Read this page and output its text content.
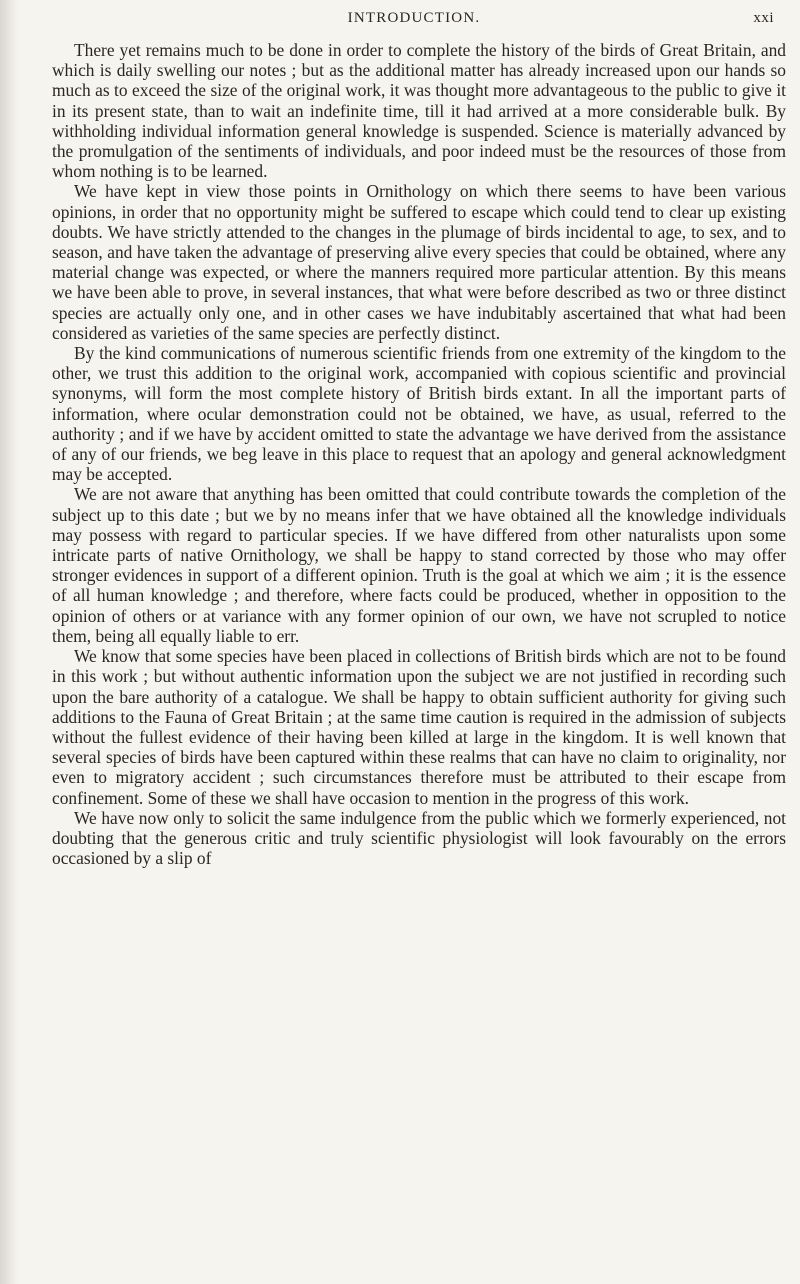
INTRODUCTION.	xxi

There yet remains much to be done in order to complete the history of the birds of Great Britain, and which is daily swelling our notes ; but as the additional matter has already increased upon our hands so much as to exceed the size of the original work, it was thought more advantageous to the public to give it in its present state, than to wait an indefinite time, till it had arrived at a more considerable bulk. By withholding individual information general knowledge is suspended. Science is materially advanced by the promulgation of the sentiments of individuals, and poor indeed must be the resources of those from whom nothing is to be learned.

We have kept in view those points in Ornithology on which there seems to have been various opinions, in order that no opportunity might be suffered to escape which could tend to clear up existing doubts. We have strictly attended to the changes in the plumage of birds incidental to age, to sex, and to season, and have taken the advantage of preserving alive every species that could be obtained, where any material change was expected, or where the manners required more particular attention. By this means we have been able to prove, in several instances, that what were before described as two or three distinct species are actually only one, and in other cases we have indubitably ascertained that what had been considered as varieties of the same species are perfectly distinct.

By the kind communications of numerous scientific friends from one extremity of the kingdom to the other, we trust this addition to the original work, accompanied with copious scientific and provincial synonyms, will form the most complete history of British birds extant. In all the important parts of information, where ocular demonstration could not be obtained, we have, as usual, referred to the authority ; and if we have by accident omitted to state the advantage we have derived from the assistance of any of our friends, we beg leave in this place to request that an apology and general acknowledgment may be accepted.

We are not aware that anything has been omitted that could contribute towards the completion of the subject up to this date ; but we by no means infer that we have obtained all the knowledge individuals may possess with regard to particular species. If we have differed from other naturalists upon some intricate parts of native Ornithology, we shall be happy to stand corrected by those who may offer stronger evidences in support of a different opinion. Truth is the goal at which we aim ; it is the essence of all human knowledge ; and therefore, where facts could be produced, whether in opposition to the opinion of others or at variance with any former opinion of our own, we have not scrupled to notice them, being all equally liable to err.

We know that some species have been placed in collections of British birds which are not to be found in this work ; but without authentic information upon the subject we are not justified in recording such upon the bare authority of a catalogue. We shall be happy to obtain sufficient authority for giving such additions to the Fauna of Great Britain ; at the same time caution is required in the admission of subjects without the fullest evidence of their having been killed at large in the kingdom. It is well known that several species of birds have been captured within these realms that can have no claim to originality, nor even to migratory accident ; such circumstances therefore must be attributed to their escape from confinement. Some of these we shall have occasion to mention in the progress of this work.

We have now only to solicit the same indulgence from the public which we formerly experienced, not doubting that the generous critic and truly scientific physiologist will look favourably on the errors occasioned by a slip of
